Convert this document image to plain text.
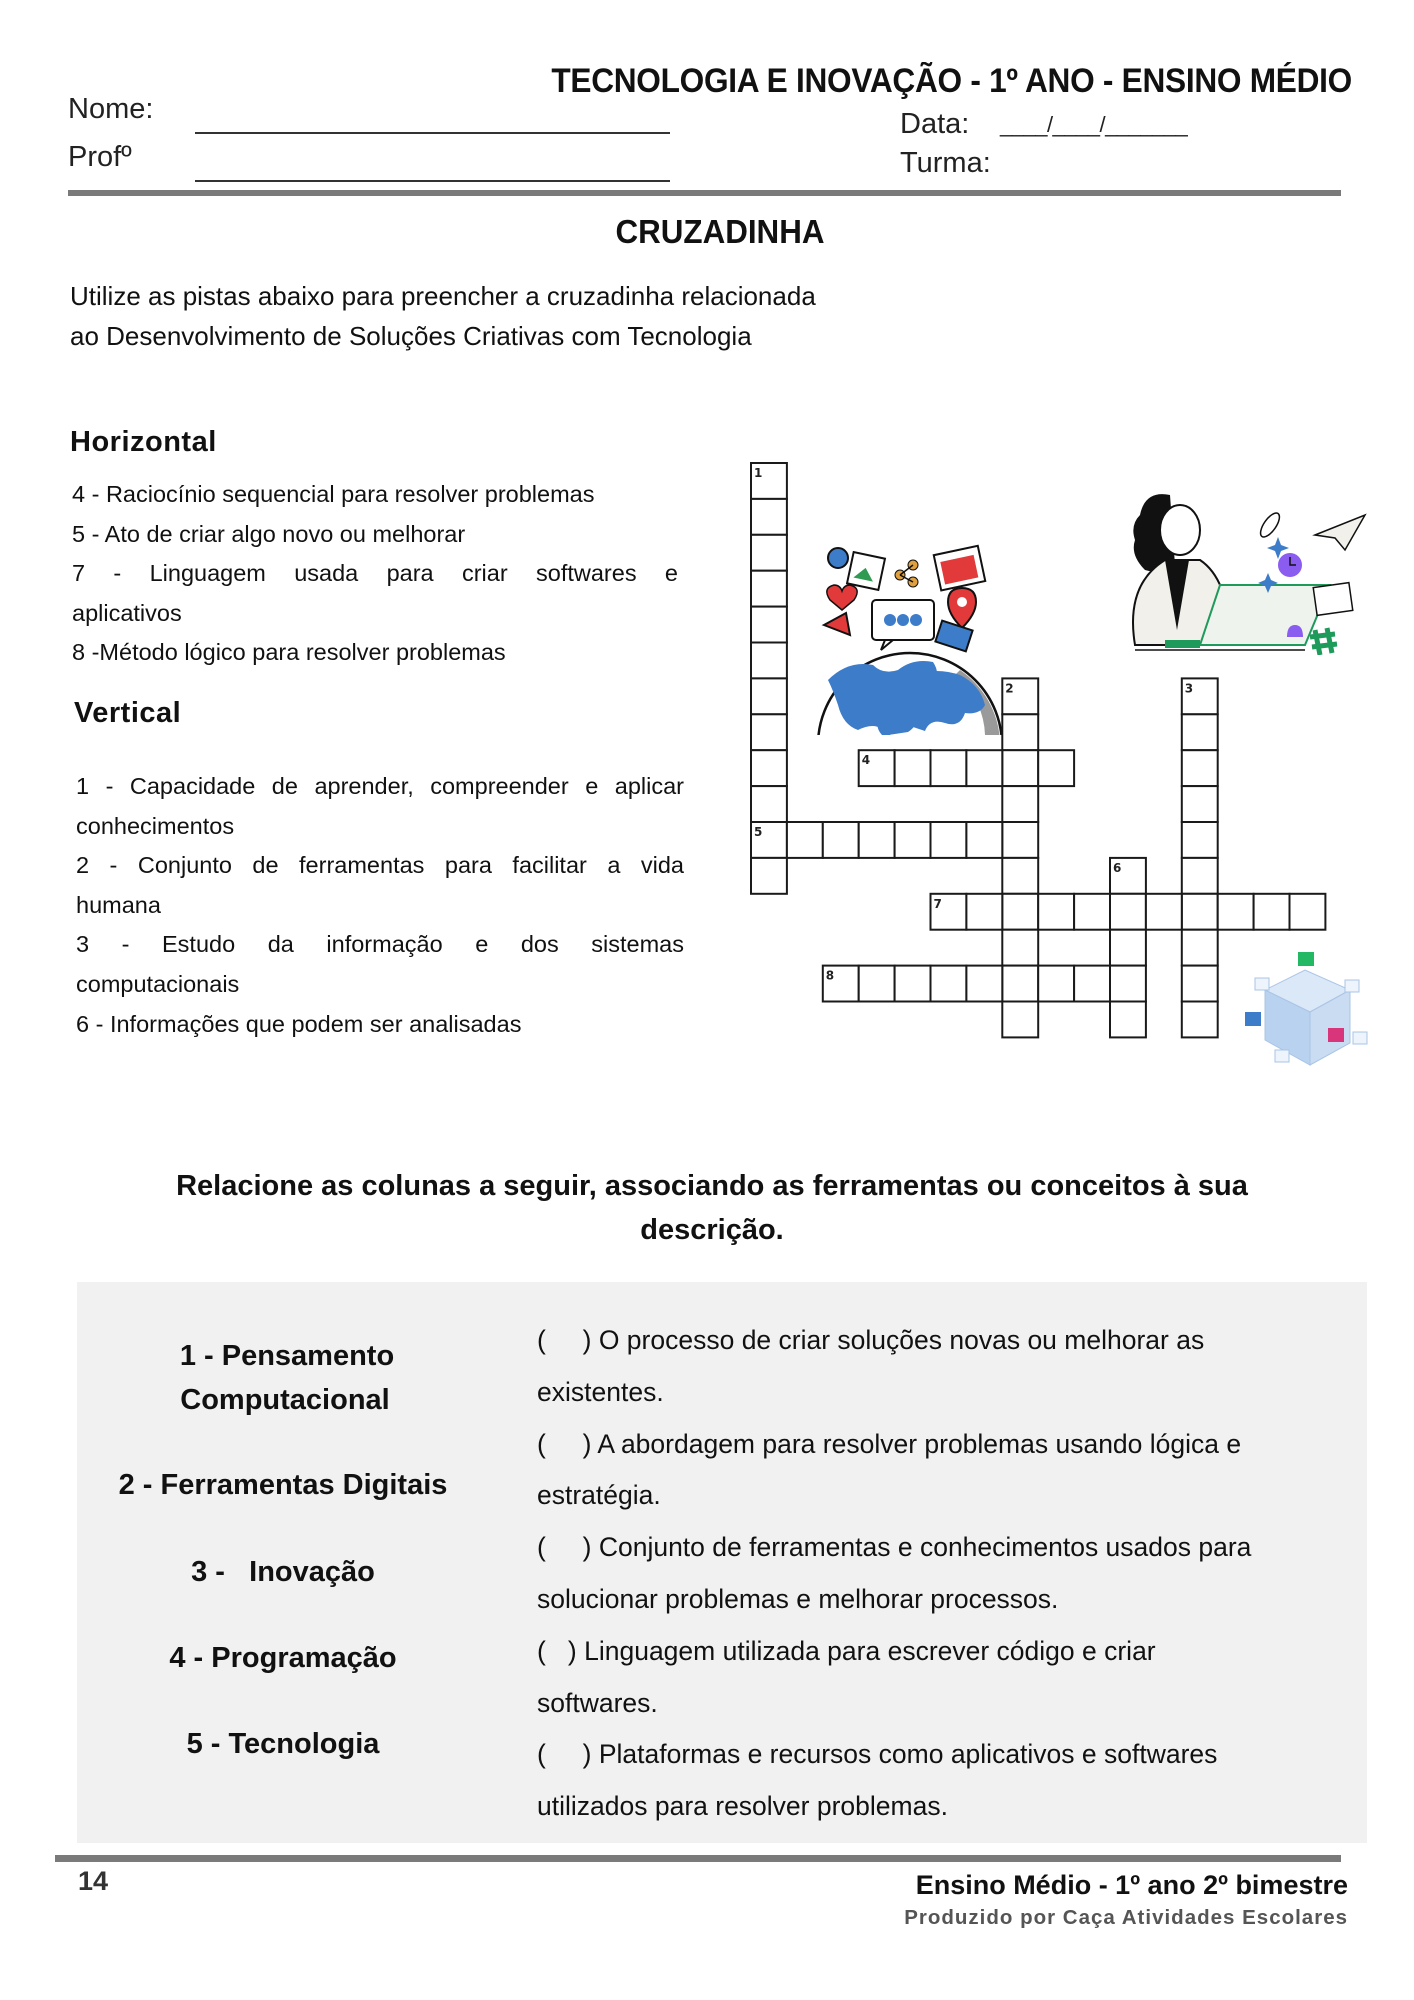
TECNOLOGIA E INOVAÇÃO - 1º ANO - ENSINO MÉDIO
Nome:
Profº
Data: ____/____/_______
Turma:
CRUZADINHA
Utilize as pistas abaixo para preencher a cruzadinha relacionada
ao Desenvolvimento de Soluções Criativas com Tecnologia
Horizontal
4 - Raciocínio sequencial para resolver problemas
5 - Ato de criar algo novo ou melhorar
7 - Linguagem usada para criar softwares e
aplicativos
8 -Método lógico para resolver problemas
Vertical
1 - Capacidade de aprender, compreender e aplicar
conhecimentos
2 - Conjunto de ferramentas para facilitar a vida
humana
3 - Estudo da informação e dos sistemas
computacionais
6 - Informações que podem ser analisadas
1
2	3
4
5
6
7
8
Relacione as colunas a seguir, associando as ferramentas ou conceitos à sua
descrição.
1 - Pensamento
Computacional
2 - Ferramentas Digitais
3 -   Inovação
4 - Programação
5 - Tecnologia
(     ) O processo de criar soluções novas ou melhorar as
existentes.
(     ) A abordagem para resolver problemas usando lógica e
estratégia.
(     ) Conjunto de ferramentas e conhecimentos usados para
solucionar problemas e melhorar processos.
(   ) Linguagem utilizada para escrever código e criar
softwares.
(     ) Plataformas e recursos como aplicativos e softwares
utilizados para resolver problemas.
14	Ensino Médio - 1º ano 2º bimestre
Produzido por Caça Atividades Escolares
